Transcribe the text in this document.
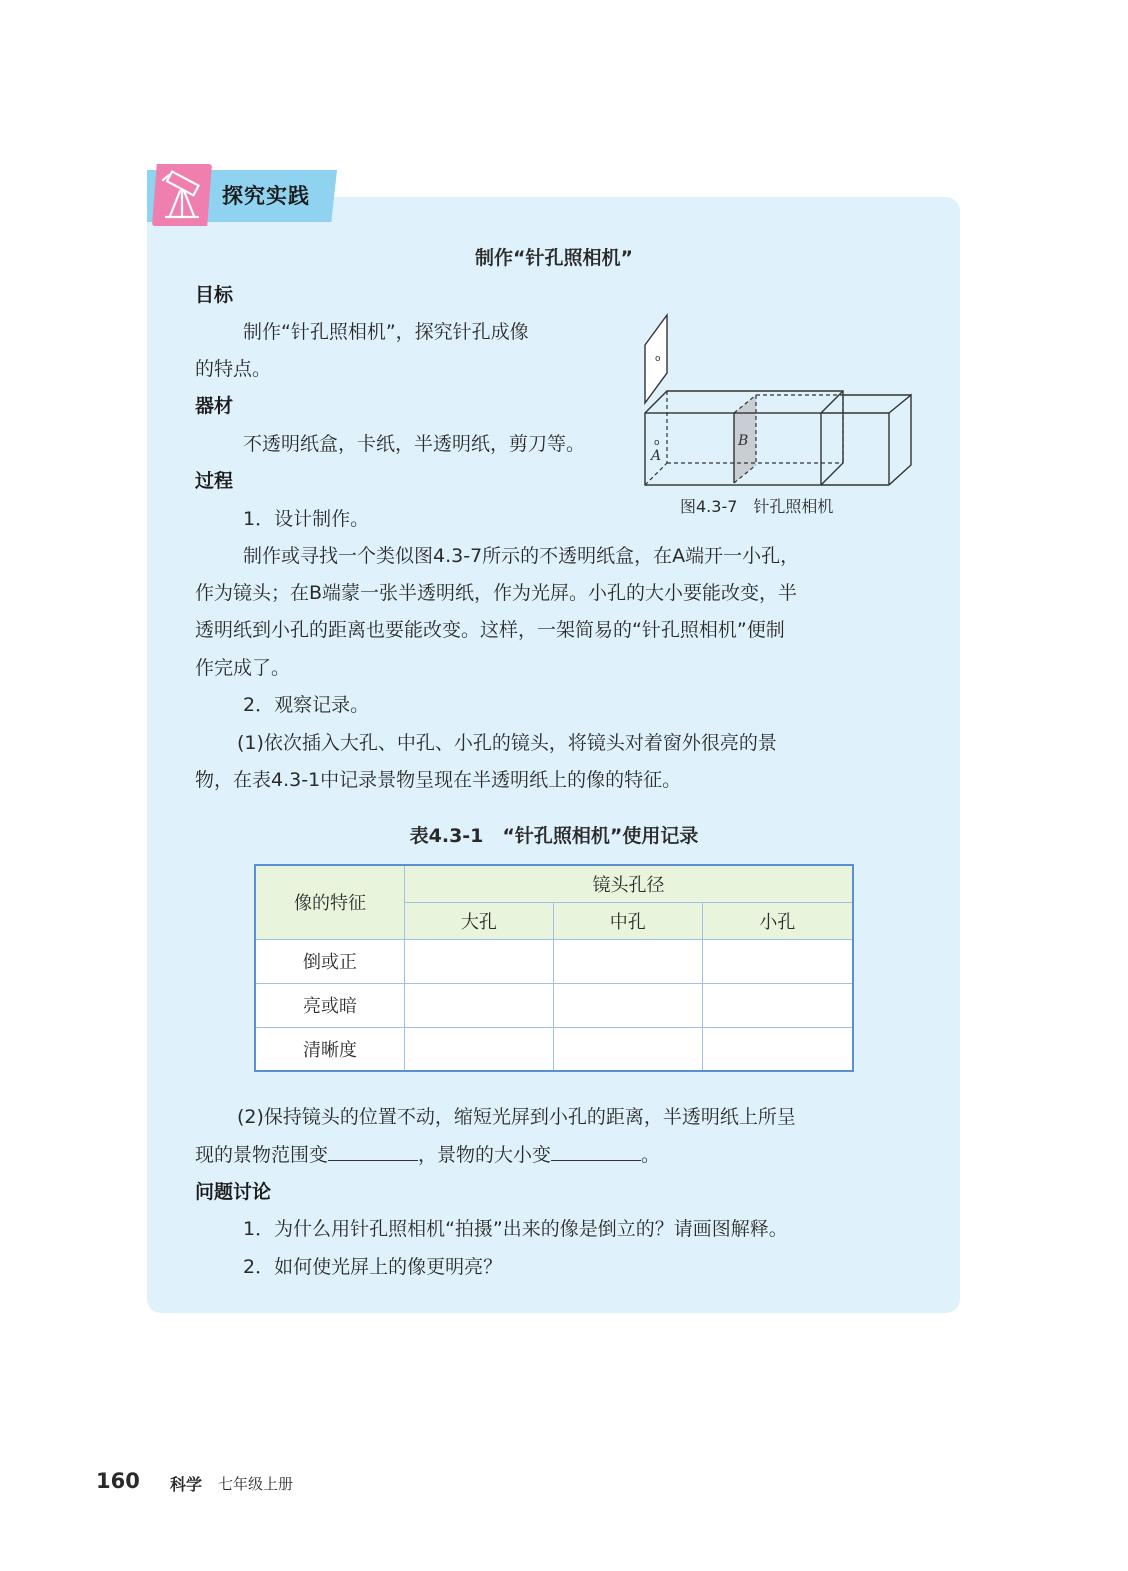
探究实践
制作“针孔照相机”
目标
制作“针孔照相机”，探究针孔成像
的特点。
器材
不透明纸盒，卡纸，半透明纸，剪刀等。
过程
1．设计制作。
o
o
A
B
图4.3-7　针孔照相机
制作或寻找一个类似图4.3-7所示的不透明纸盒，在A端开一小孔，
作为镜头；在B端蒙一张半透明纸，作为光屏。小孔的大小要能改变，半
透明纸到小孔的距离也要能改变。这样，一架简易的“针孔照相机”便制
作完成了。
2．观察记录。
(1)依次插入大孔、中孔、小孔的镜头，将镜头对着窗外很亮的景
物，在表4.3-1中记录景物呈现在半透明纸上的像的特征。
表4.3-1　“针孔照相机”使用记录
像的特征	镜头孔径		
	大孔	中孔	小孔
倒或正			
亮或暗			
清晰度			
(2)保持镜头的位置不动，缩短光屏到小孔的距离，半透明纸上所呈
现的景物范围变	，景物的大小变	。
问题讨论
1．为什么用针孔照相机“拍摄”出来的像是倒立的？请画图解释。
2．如何使光屏上的像更明亮？
160 科学 七年级上册
